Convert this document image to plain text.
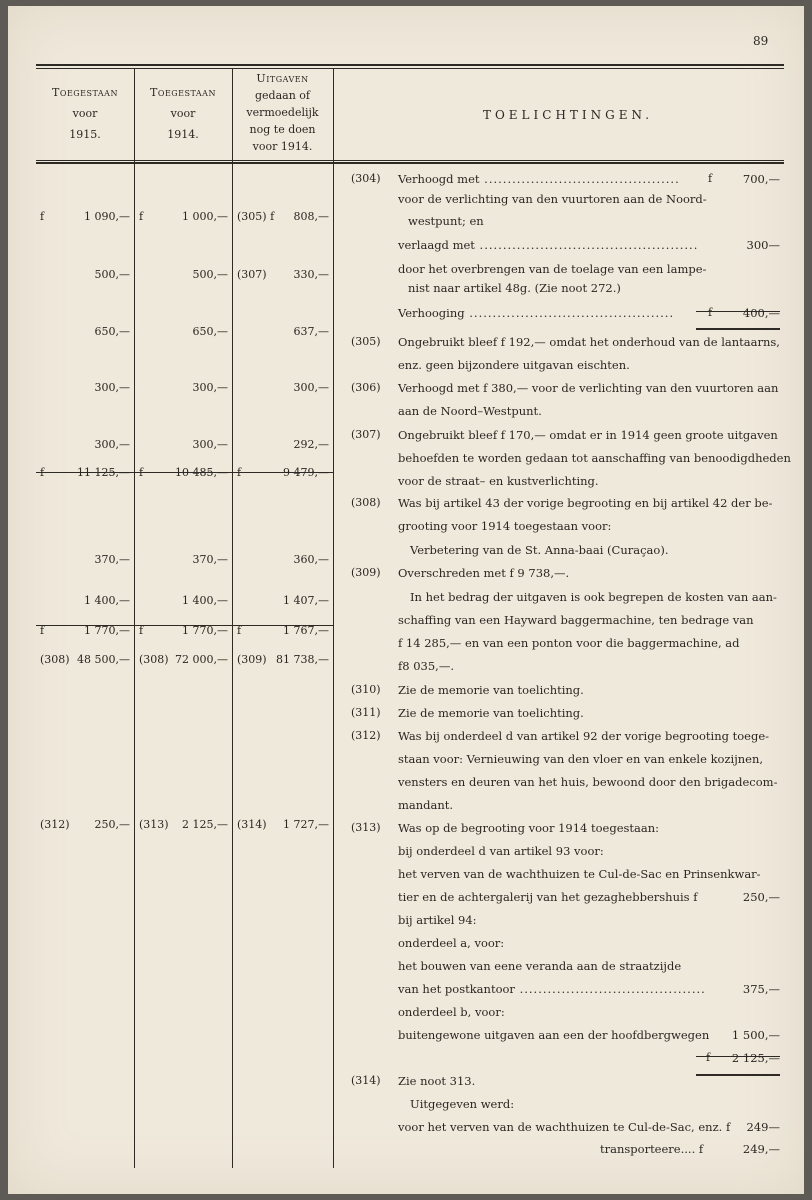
89
Toegestaan
voor
1915.
Toegestaan
voor
1914.
Uitgaven
gedaan of
vermoedelijk
nog te doen
voor 1914.
TOELICHTINGEN.
f	1 090,— f	1 000,— (305) f 808,—
500,—	500,— (307) 330,—
650,—	650,—	637,—
300,—	300,—	300,—
300,—	300,—	292,—
f	11 125,— f	10 485,— f	9 479,—
370,—	370,—	360,—
1 400,—	1 400,—	1 407,—
f	1 770,— f	1 770,— f	1 767,—
(308) 48 500,— (308) 72 000,— (309) 81 738,—
(312) 250,— (313) 2 125,— (314) 1 727,—
(304) Verhoogd met ..........................................	f	700,—
voor de verlichting van den vuurtoren aan de Noord-
westpunt; en
verlaagd met ...............................................	300—
door het overbrengen van de toelage van een lampe-
nist naar artikel 48g. (Zie noot 272.)
Verhooging ............................................	f	400,—
(305) Ongebruikt bleef f 192,— omdat het onderhoud van de lantaarns,
enz. geen bijzondere uitgavan eischten.
(306) Verhoogd met f 380,— voor de verlichting van den vuurtoren aan
aan de Noord–Westpunt.
(307) Ongebruikt bleef f 170,— omdat er in 1914 geen groote uitgaven
behoefden te worden gedaan tot aanschaffing van benoodigdheden
voor de straat– en kustverlichting.
(308) Was bij artikel 43 der vorige begrooting en bij artikel 42 der be-
grooting voor 1914 toegestaan voor:
Verbetering van de St. Anna-baai (Curaçao).
(309) Overschreden met f 9 738,—.
In het bedrag der uitgaven is ook begrepen de kosten van aan-
schaffing van een Hayward baggermachine, ten bedrage van
f 14 285,— en van een ponton voor die baggermachine, ad
f8 035,—.
(310) Zie de memorie van toelichting.
(311) Zie de memorie van toelichting.
(312) Was bij onderdeel d van artikel 92 der vorige begrooting toege-
staan voor: Vernieuwing van den vloer en van enkele kozijnen,
vensters en deuren van het huis, bewoond door den brigadecom-
mandant.
(313) Was op de begrooting voor 1914 toegestaan:
bij onderdeel d van artikel 93 voor:
het verven van de wachthuizen te Cul-de-Sac en Prinsenkwar-
tier en de achtergalerij van het gezaghebbershuis f	250,—
bij artikel 94:
onderdeel a, voor:
het bouwen van eene veranda aan de straatzijde
van het postkantoor ........................................	375,—
onderdeel b, voor:
buitengewone uitgaven aan een der hoofdbergwegen 1 500,—
f 2 125,—
(314) Zie noot 313.
Uitgegeven werd:
voor het verven van de wachthuizen te Cul-de-Sac, enz. f 249—
transporteere.... f	249,—
